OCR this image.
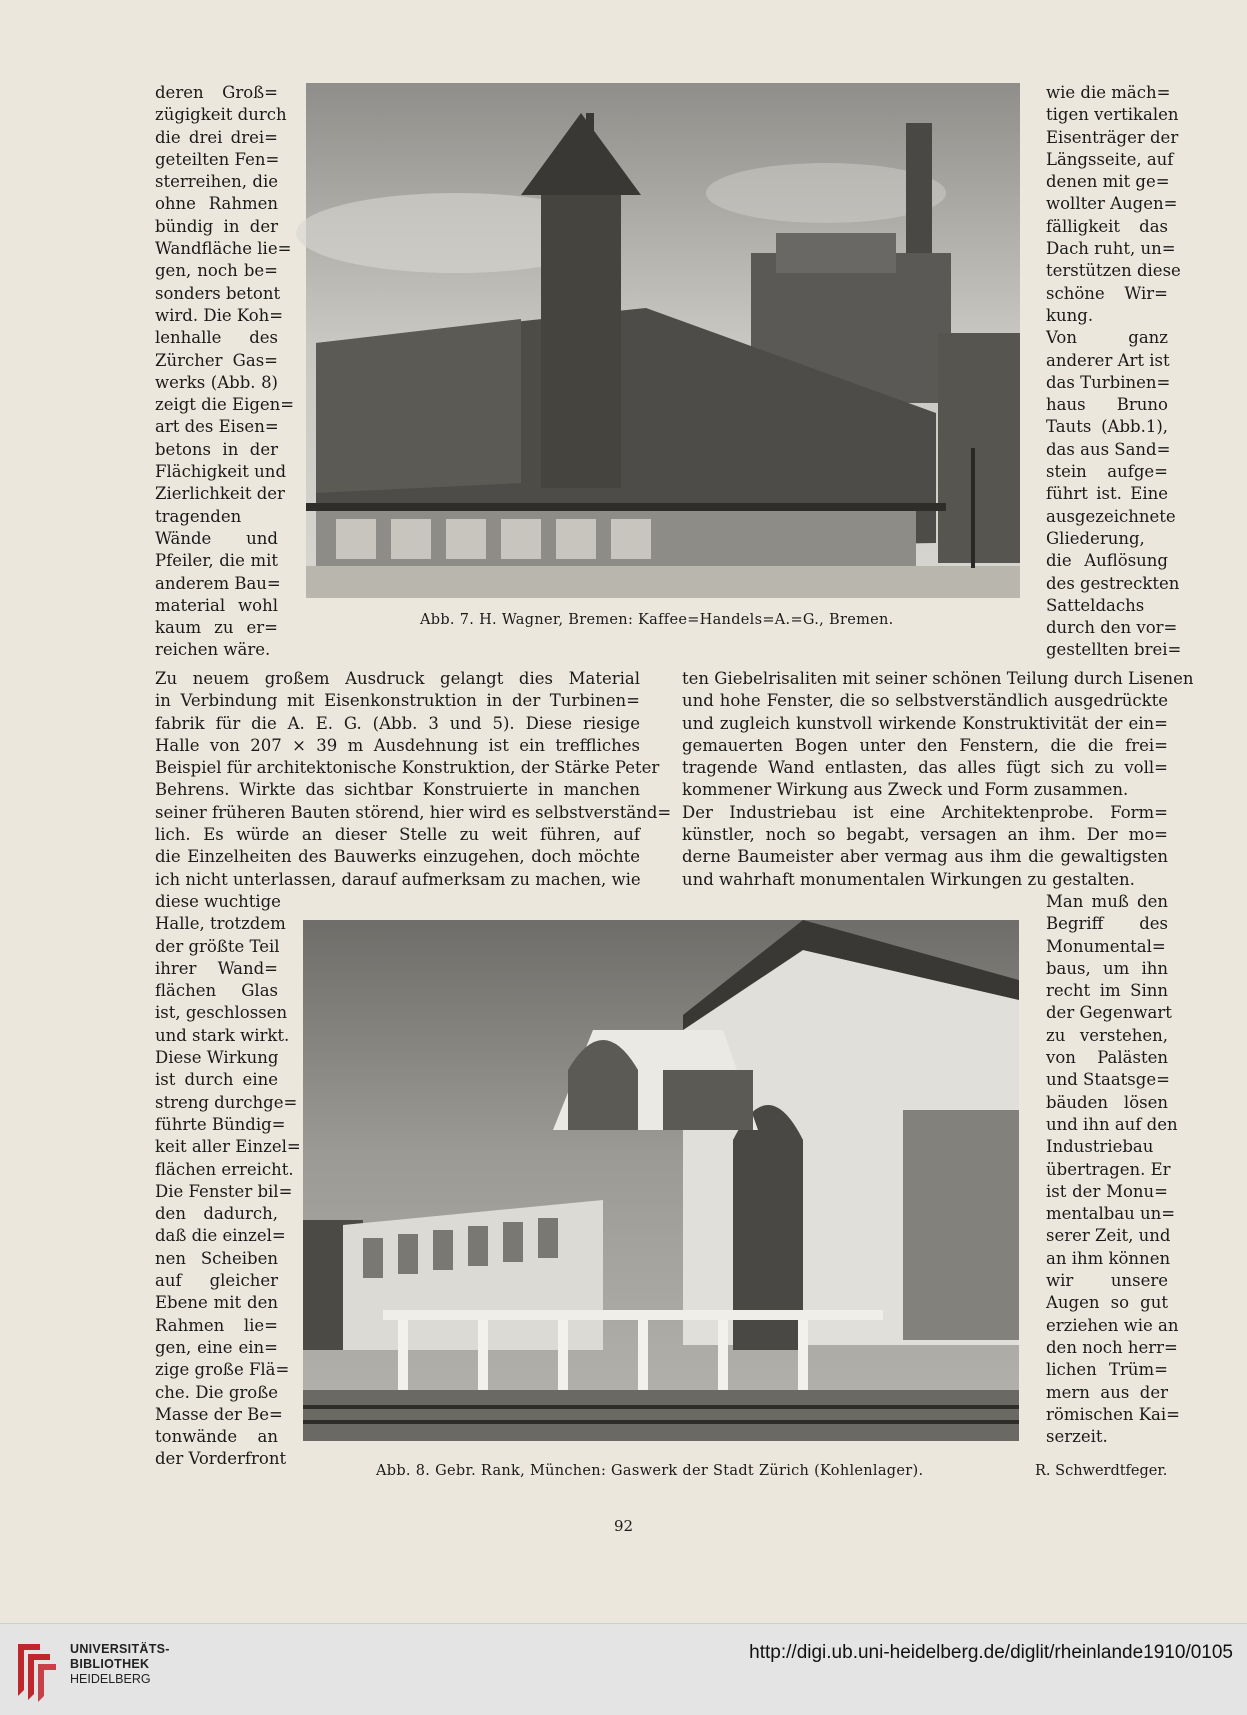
deren Groß=
zügigkeit durch
die drei drei=
geteilten Fen=
sterreihen, die
ohne Rahmen
bündig in der
Wandfläche lie=
gen, noch be=
sonders betont
wird. Die Koh=
lenhalle des
Zürcher Gas=
werks (Abb. 8)
zeigt die Eigen=
art des Eisen=
betons in der
Flächigkeit und
Zierlichkeit der
tragenden
Wände und
Pfeiler, die mit
anderem Bau=
material wohl
kaum zu er=
reichen wäre.
wie die mäch=
tigen vertikalen
Eisenträger der
Längsseite, auf
denen mit ge=
wollter Augen=
fälligkeit das
Dach ruht, un=
terstützen diese
schöne Wir=
kung.
Von ganz
anderer Art ist
das Turbinen=
haus Bruno
Tauts (Abb.1),
das aus Sand=
stein aufge=
führt ist. Eine
ausgezeichnete
Gliederung,
die Auflösung
des gestreckten
Satteldachs
durch den vor=
gestellten brei=
Abb. 7. H. Wagner, Bremen: Kaffee=Handels=A.=G., Bremen.
Zu neuem großem Ausdruck gelangt dies Material
in Verbindung mit Eisenkonstruktion in der Turbinen=
fabrik für die A. E. G. (Abb. 3 und 5). Diese riesige
Halle von 207 × 39 m Ausdehnung ist ein treffliches
Beispiel für architektonische Konstruktion, der Stärke Peter
Behrens. Wirkte das sichtbar Konstruierte in manchen
seiner früheren Bauten störend, hier wird es selbstverständ=
lich. Es würde an dieser Stelle zu weit führen, auf
die Einzelheiten des Bauwerks einzugehen, doch möchte
ich nicht unterlassen, darauf aufmerksam zu machen, wie
ten Giebelrisaliten mit seiner schönen Teilung durch Lisenen
und hohe Fenster, die so selbstverständlich ausgedrückte
und zugleich kunstvoll wirkende Konstruktivität der ein=
gemauerten Bogen unter den Fenstern, die die frei=
tragende Wand entlasten, das alles fügt sich zu voll=
kommener Wirkung aus Zweck und Form zusammen.
Der Industriebau ist eine Architektenprobe. Form=
künstler, noch so begabt, versagen an ihm. Der mo=
derne Baumeister aber vermag aus ihm die gewaltigsten
und wahrhaft monumentalen Wirkungen zu gestalten.
diese wuchtige
Halle, trotzdem
der größte Teil
ihrer Wand=
flächen Glas
ist, geschlossen
und stark wirkt.
Diese Wirkung
ist durch eine
streng durchge=
führte Bündig=
keit aller Einzel=
flächen erreicht.
Die Fenster bil=
den dadurch,
daß die einzel=
nen Scheiben
auf gleicher
Ebene mit den
Rahmen lie=
gen, eine ein=
zige große Flä=
che. Die große
Masse der Be=
tonwände an
der Vorderfront
Man muß den
Begriff des
Monumental=
baus, um ihn
recht im Sinn
der Gegenwart
zu verstehen,
von Palästen
und Staatsge=
bäuden lösen
und ihn auf den
Industriebau
übertragen. Er
ist der Monu=
mentalbau un=
serer Zeit, und
an ihm können
wir unsere
Augen so gut
erziehen wie an
den noch herr=
lichen Trüm=
mern aus der
römischen Kai=
serzeit.
Abb. 8. Gebr. Rank, München: Gaswerk der Stadt Zürich (Kohlenlager).	R. Schwerdtfeger.
92
UNIVERSITÄTS-
BIBLIOTHEK
HEIDELBERG
http://digi.ub.uni-heidelberg.de/diglit/rheinlande1910/0105
